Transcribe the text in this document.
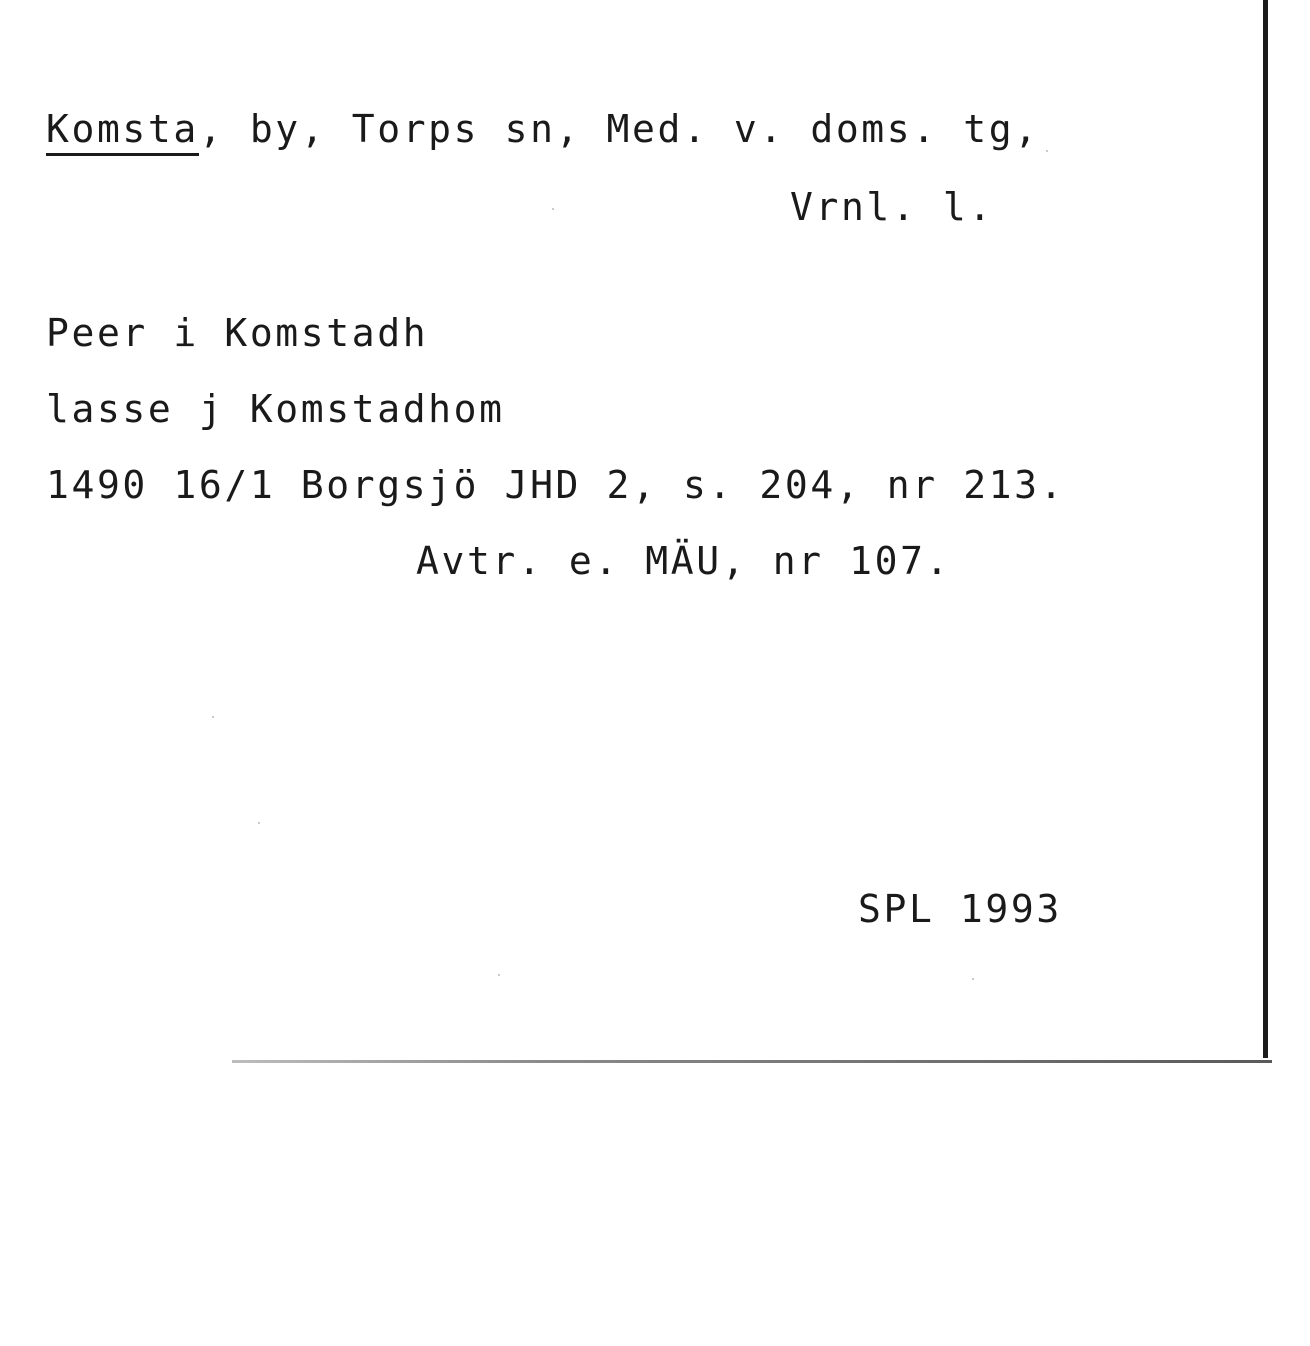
Komsta, by, Torps sn, Med. v. doms. tg,
Vrnl. l.
Peer i Komstadh
lasse j Komstadhom
1490 16/1 Borgsjö JHD 2, s. 204, nr 213.
Avtr. e. MÄU, nr 107.
SPL 1993
